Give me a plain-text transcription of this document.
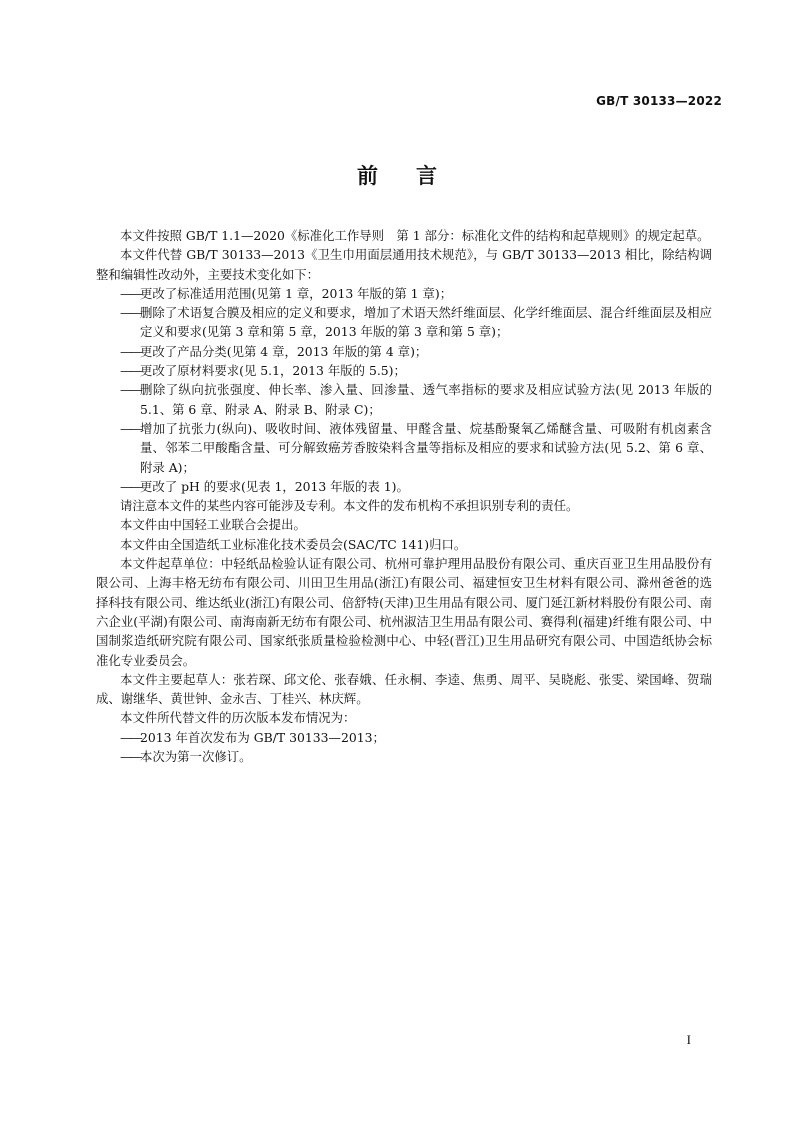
GB/T 30133—2022
前言

本文件按照 GB/T 1.1—2020《标准化工作导则　第 1 部分：标准化文件的结构和起草规则》的规定起草。

本文件代替 GB/T 30133—2013《卫生巾用面层通用技术规范》，与 GB/T 30133—2013 相比，除结构调整和编辑性改动外，主要技术变化如下：

—— 更改了标准适用范围(见第 1 章，2013 年版的第 1 章)；

—— 删除了术语复合膜及相应的定义和要求，增加了术语天然纤维面层、化学纤维面层、混合纤维面层及相应定义和要求(见第 3 章和第 5 章，2013 年版的第 3 章和第 5 章)；

—— 更改了产品分类(见第 4 章，2013 年版的第 4 章)；

—— 更改了原材料要求(见 5.1，2013 年版的 5.5)；

—— 删除了纵向抗张强度、伸长率、渗入量、回渗量、透气率指标的要求及相应试验方法(见 2013 年版的 5.1、第 6 章、附录 A、附录 B、附录 C)；

—— 增加了抗张力(纵向)、吸收时间、液体残留量、甲醛含量、烷基酚聚氧乙烯醚含量、可吸附有机卤素含量、邻苯二甲酸酯含量、可分解致癌芳香胺染料含量等指标及相应的要求和试验方法(见 5.2、第 6 章、附录 A)；

—— 更改了 pH 的要求(见表 1，2013 年版的表 1)。

请注意本文件的某些内容可能涉及专利。本文件的发布机构不承担识别专利的责任。

本文件由中国轻工业联合会提出。

本文件由全国造纸工业标准化技术委员会(SAC/TC 141)归口。

本文件起草单位：中轻纸品检验认证有限公司、杭州可靠护理用品股份有限公司、重庆百亚卫生用品股份有限公司、上海丰格无纺布有限公司、川田卫生用品(浙江)有限公司、福建恒安卫生材料有限公司、滁州爸爸的选择科技有限公司、维达纸业(浙江)有限公司、倍舒特(天津)卫生用品有限公司、厦门延江新材料股份有限公司、南六企业(平湖)有限公司、南海南新无纺布有限公司、杭州淑洁卫生用品有限公司、赛得利(福建)纤维有限公司、中国制浆造纸研究院有限公司、国家纸张质量检验检测中心、中轻(晋江)卫生用品研究有限公司、中国造纸协会标准化专业委员会。

本文件主要起草人：张若琛、邱文伦、张春娥、任永桐、李逵、焦勇、周平、吴晓彪、张雯、梁国峰、贺瑞成、谢继华、黄世钟、金永吉、丁桂兴、林庆辉。

本文件所代替文件的历次版本发布情况为：

—— 2013 年首次发布为 GB/T 30133—2013；

—— 本次为第一次修订。

I
